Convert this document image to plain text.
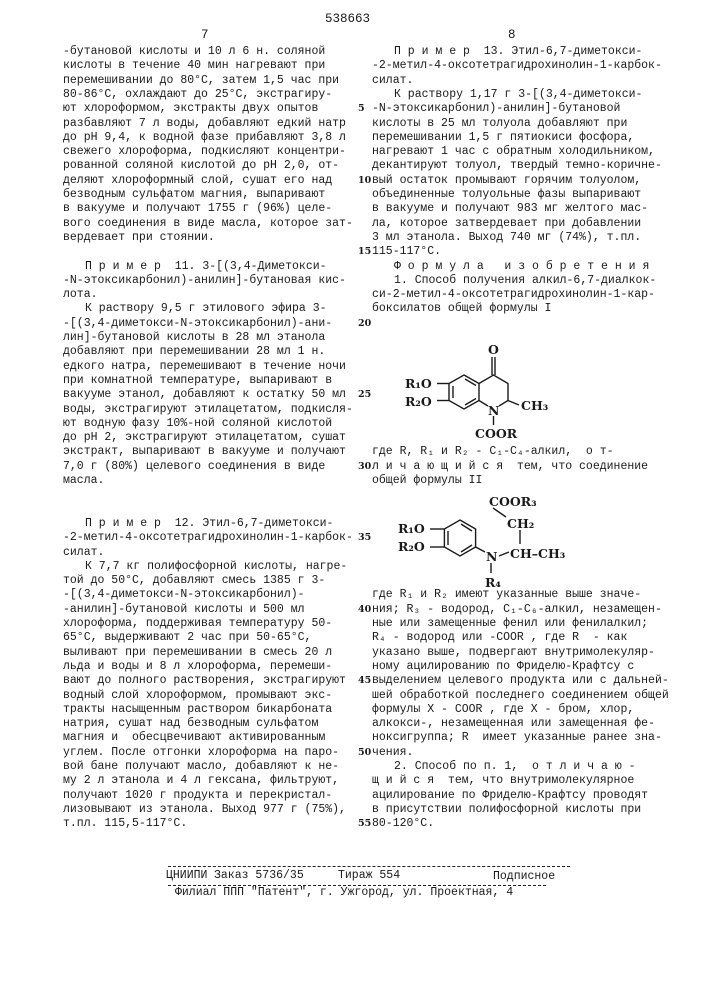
538663
7	8
-бутановой кислоты и 10 л 6 н. соляной
кислоты в течение 40 мин нагревают при
перемешивании до 80°С, затем 1,5 час при
80-86°С, охлаждают до 25°С, экстрагиру-
ют хлороформом, экстракты двух опытов
разбавляют 7 л воды, добавляют едкий натр
до рН 9,4, к водной фазе прибавляют 3,8 л
свежего хлороформа, подкисляют концентри-
рованной соляной кислотой до рН 2,0, от-
деляют хлороформный слой, сушат его над
безводным сульфатом магния, выпаривают
в вакууме и получают 1755 г (96%) целе-
вого соединения в виде масла, которое зат-
вердевает при стоянии.
П р и м е р  11. 3-[(3,4-Диметокси-
-N-этоксикарбонил)-анилин]-бутановая кис-
лота.
К раствору 9,5 г этилового эфира 3-
-[(3,4-диметокси-N-этоксикарбонил)-ани-
лин]-бутановой кислоты в 28 мл этанола
добавляют при перемешивании 28 мл 1 н.
едкого натра, перемешивают в течение ночи
при комнатной температуре, выпаривают в
вакууме этанол, добавляют к остатку 50 мл
воды, экстрагируют этилацетатом, подкисля-
ют водную фазу 10%-ной соляной кислотой
до рН 2, экстрагируют этилацетатом, сушат
экстракт, выпаривают в вакууме и получают
7,0 г (80%) целевого соединения в виде
масла.
П р и м е р  12. Этил-6,7-диметокси-
-2-метил-4-оксотетрагидрохинолин-1-карбок-
силат.
К 7,7 кг полифосфорной кислоты, нагре-
той до 50°С, добавляют смесь 1385 г 3-
-[(3,4-диметокси-N-этоксикарбонил)-
-анилин]-бутановой кислоты и 500 мл
хлороформа, поддерживая температуру 50-
65°С, выдерживают 2 час при 50-65°С,
выливают при перемешивании в смесь 20 л
льда и воды и 8 л хлороформа, перемеши-
вают до полного растворения, экстрагируют
водный слой хлороформом, промывают экс-
тракты насыщенным раствором бикарбоната
натрия, сушат над безводным сульфатом
магния и  обесцвечивают активированным
углем. После отгонки хлороформа на паро-
вой бане получают масло, добавляют к не-
му 2 л этанола и 4 л гексана, фильтруют,
получают 1020 г продукта и перекристал-
лизовывают из этанола. Выход 977 г (75%),
т.пл. 115,5-117°С.
П р и м е р  13. Этил-6,7-диметокси-
-2-метил-4-оксотетрагидрохинолин-1-карбок-
силат.
К раствору 1,17 г 3-[(3,4-диметокси-
-N-этоксикарбонил)-анилин]-бутановой
кислоты в 25 мл толуола добавляют при
перемешивании 1,5 г пятиокиси фосфора,
нагревают 1 час с обратным холодильником,
декантируют толуол, твердый темно-коричне-
вый остаток промывают горячим толуолом,
объединенные толуольные фазы выпаривают
в вакууме и получают 983 мг желтого мас-
ла, которое затвердевает при добавлении
3 мл этанола. Выход 740 мг (74%), т.пл.
115-117°С.
Ф о р м у л а   и з о б р е т е н и я
1. Способ получения алкил-6,7-диалкок-
си-2-метил-4-оксотетрагидрохинолин-1-кар-
боксилатов общей формулы I
где R, R₁ и R₂ - C₁-C₄-алкил,  о т-
л и ч а ю щ и й с я  тем, что соединение
общей формулы II
где R₁ и R₂ имеют указанные выше значе-
ния; R₃ - водород, C₁-C₆-алкил, незамещен-
ные или замещенные фенил или фенилалкил;
R₄ - водород или -COOR , где R  - как
указано выше, подвергают внутримолекуляр-
ному ацилированию по Фриделю-Крафтсу с
выделением целевого продукта или с дальней-
шей обработкой последнего соединением общей
формулы X - COOR , где X - бром, хлор,
алкокси-, незамещенная или замещенная фе-
ноксигруппа; R  имеет указанные ранее зна-
чения.
2. Способ по п. 1,  о т л и ч а ю -
щ и й с я  тем, что внутримолекулярное
ацилирование по Фриделю-Крафтсу проводят
в присутствии полифосфорной кислоты при
80-120°С.
5
10
15
20
25
30
35
40
45
50
55
O
R₁O
R₂O
N CH₃
COOR
COOR₃
CH₂
R₁O
R₂O
N CH–CH₃
R₄
ЦНИИПИ Заказ 5736/35	Тираж 554	Подписное
Филиал ППП "Патент", г. Ужгород, ул. Проектная, 4
